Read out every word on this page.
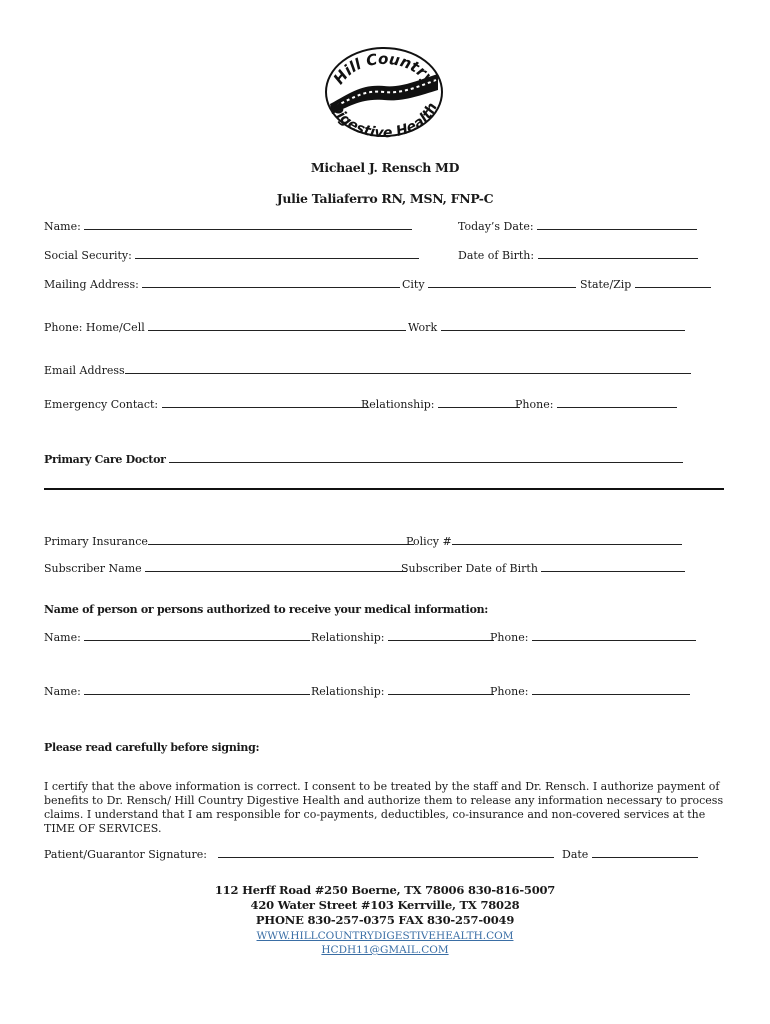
Hill Country
Digestive Health
Michael J. Rensch MD
Julie Taliaferro RN, MSN, FNP-C
Name:	Today’s Date:
Social Security:	Date of Birth:
Mailing Address:	City	State/Zip
Phone: Home/Cell	Work
Email Address
Emergency Contact:	Relationship:	Phone:
Primary Care Doctor
Primary Insurance	Policy #
Subscriber Name	Subscriber Date of Birth
Name of person or persons authorized to receive your medical information:
Name:	Relationship:	Phone:
Name:	Relationship:	Phone:
Please read carefully before signing:
I certify that the above information is correct. I consent to be treated by the staff and Dr. Rensch. I authorize payment of benefits to Dr. Rensch/ Hill Country Digestive Health and authorize them to release any information necessary to process claims. I understand that I am responsible for co-payments, deductibles, co-insurance and non-covered services at the TIME OF SERVICES.
Patient/Guarantor Signature:	Date
112 Herff Road #250 Boerne, TX 78006 830-816-5007
420 Water Street #103 Kerrville, TX 78028
PHONE 830-257-0375 FAX 830-257-0049
WWW.HILLCOUNTRYDIGESTIVEHEALTH.COM
HCDH11@GMAIL.COM
